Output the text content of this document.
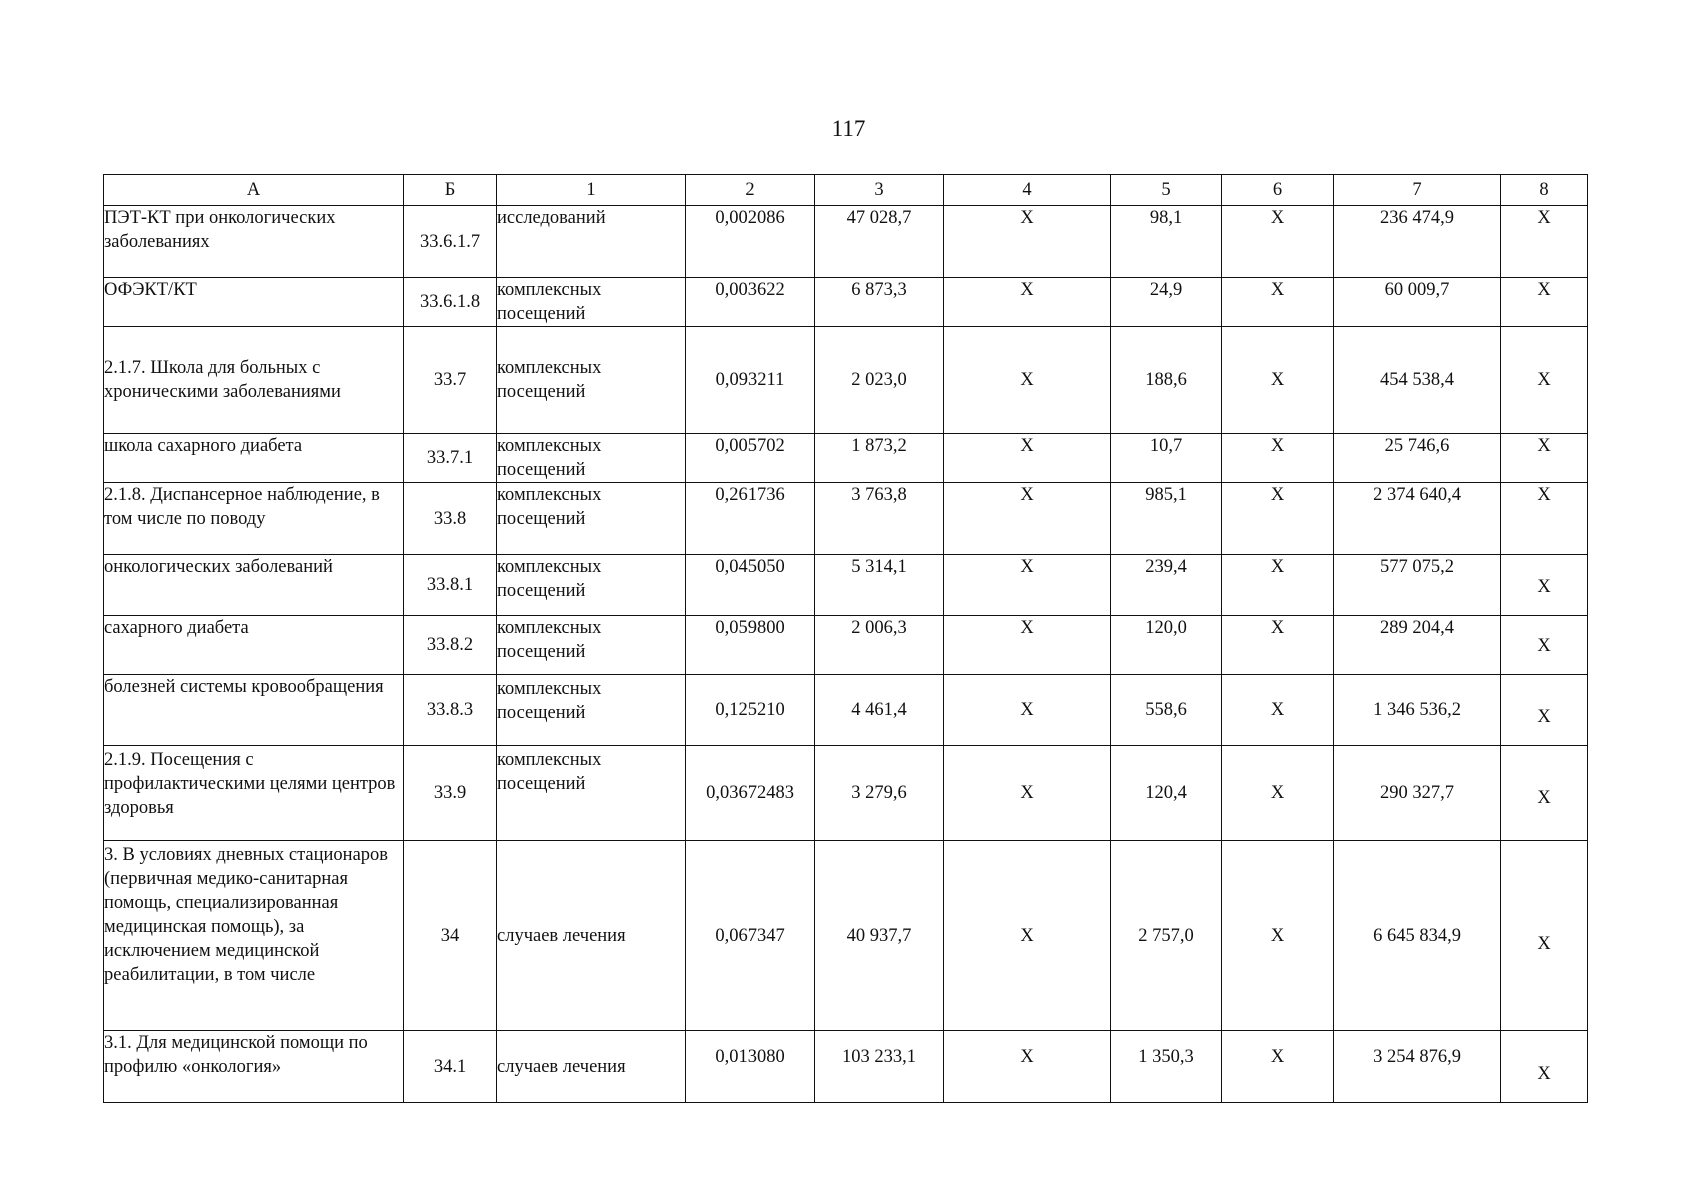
117
А	Б	1	2	3	4	5	6	7	8
ПЭТ-КТ при онкологических заболеваниях	33.6.1.7	исследований	0,002086	47 028,7	X	98,1	X	236 474,9	X
ОФЭКТ/КТ	33.6.1.8	комплексных посещений	0,003622	6 873,3	X	24,9	X	60 009,7	X
2.1.7. Школа для больных с хроническими заболеваниями	33.7	комплексных посещений	0,093211	2 023,0	X	188,6	X	454 538,4	X
школа сахарного диабета	33.7.1	комплексных посещений	0,005702	1 873,2	X	10,7	X	25 746,6	X
2.1.8. Диспансерное наблюдение, в том числе по поводу	33.8	комплексных посещений	0,261736	3 763,8	X	985,1	X	2 374 640,4	X
онкологических заболеваний	33.8.1	комплексных посещений	0,045050	5 314,1	X	239,4	X	577 075,2	X
сахарного диабета	33.8.2	комплексных посещений	0,059800	2 006,3	X	120,0	X	289 204,4	X
болезней системы кровообращения	33.8.3	комплексных посещений	0,125210	4 461,4	X	558,6	X	1 346 536,2	X
2.1.9. Посещения с профилактическими целями центров здоровья	33.9	комплексных посещений	0,03672483	3 279,6	X	120,4	X	290 327,7	X
3. В условиях дневных стационаров (первичная медико-санитарная помощь, специализированная медицинская помощь), за исключением медицинской реабилитации, в том числе	34	случаев лечения	0,067347	40 937,7	X	2 757,0	X	6 645 834,9	X
3.1. Для медицинской помощи по профилю «онкология»	34.1	случаев лечения	0,013080	103 233,1	X	1 350,3	X	3 254 876,9	X
